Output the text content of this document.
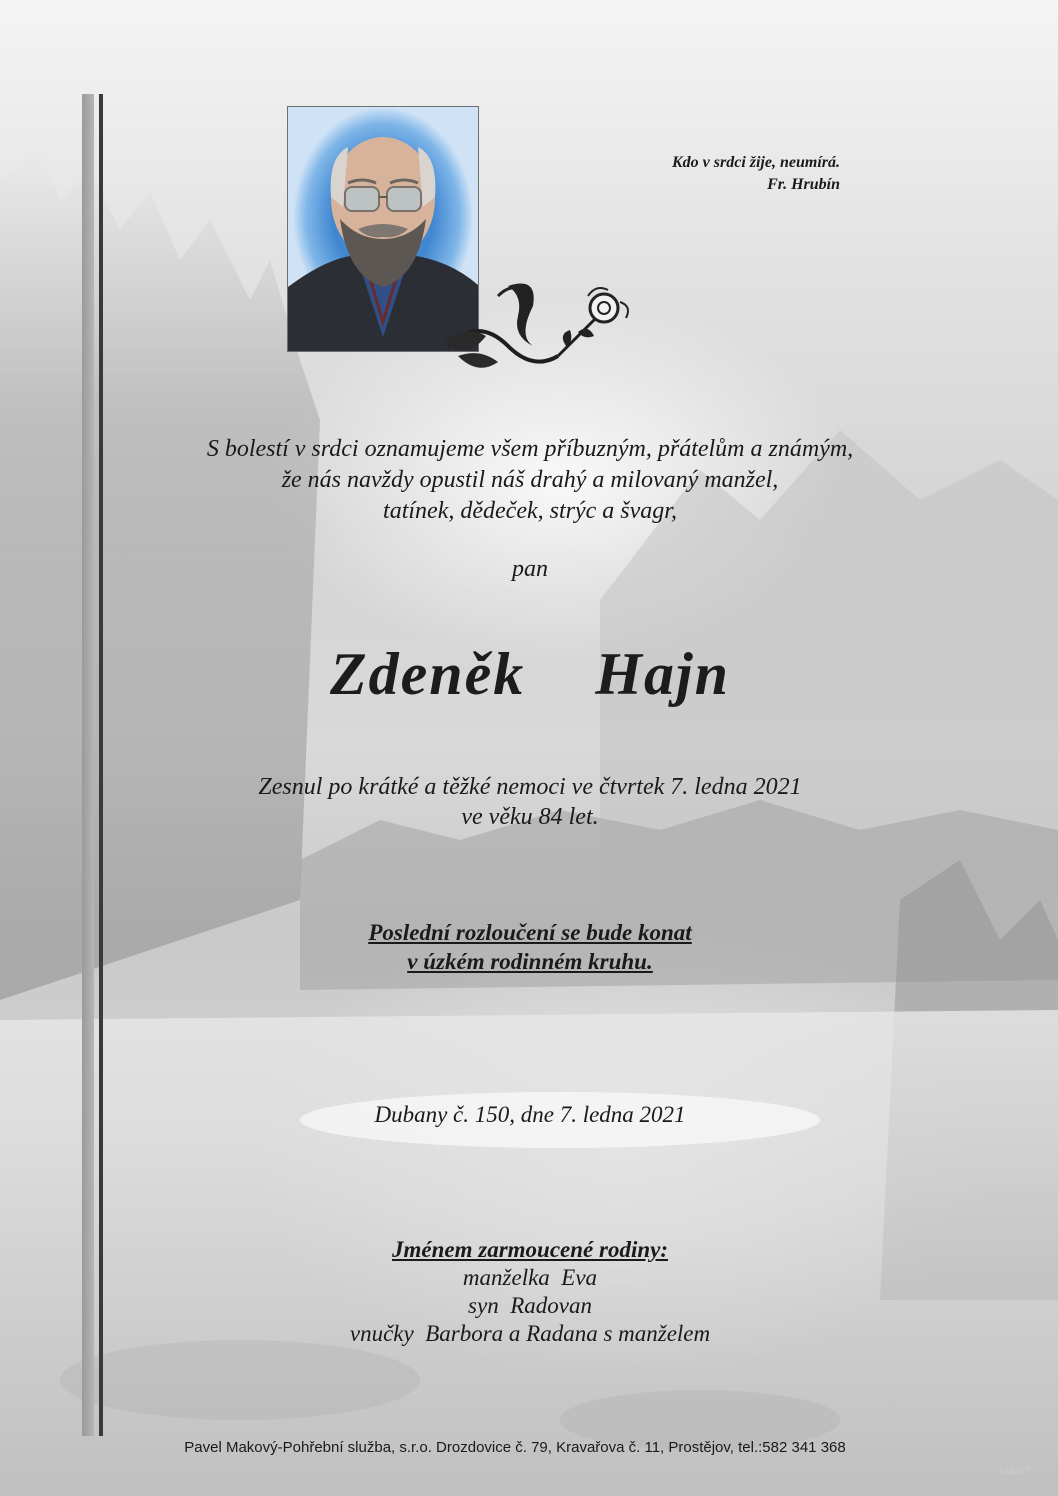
Kdo v srdci žije, neumírá.
Fr. Hrubín
S bolestí v srdci oznamujeme všem příbuzným, přátelům a známým,
že nás navždy opustil náš drahý a milovaný manžel,
tatínek, dědeček, strýc a švagr,
pan
Zdeněk  Hajn
Zesnul po krátké a těžké nemoci ve čtvrtek 7. ledna 2021
ve věku 84 let.
Poslední rozloučení se bude konat
v úzkém rodinném kruhu.
Dubany č. 150, dne 7. ledna 2021
Jménem zarmoucené rodiny:
manželka  Eva
syn  Radovan
vnučky  Barbora a Radana s manželem
Pavel Makový-Pohřební služba, s.r.o. Drozdovice č. 79, Kravařova č. 11, Prostějov, tel.:582 341 368
©MEST
